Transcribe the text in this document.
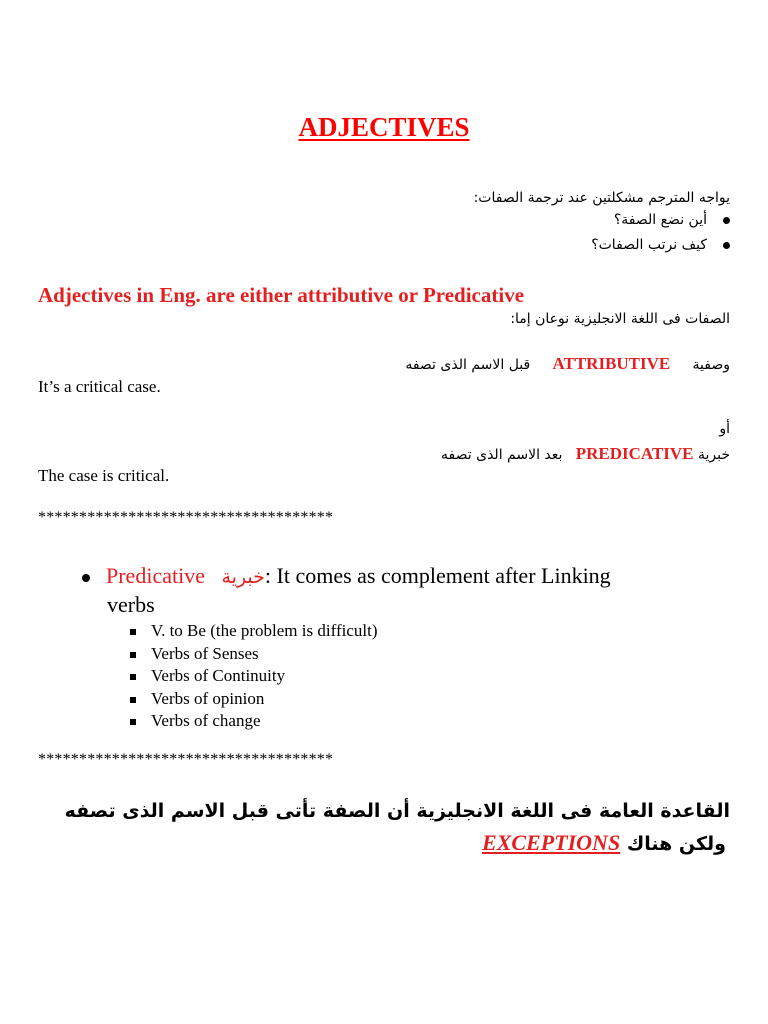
ADJECTIVES
يواجه المترجم مشكلتين عند ترجمة الصفات:
أين نضع الصفة؟
كيف نرتب الصفات؟
Adjectives in Eng. are either attributive or Predicative
الصفات فى اللغة الانجليزية نوعان إما:
وصفية     ATTRIBUTIVE     قبل الاسم الذى تصفه
It’s a critical case.
أو
خبرية PREDICATIVE   بعد الاسم الذى تصفه
The case is critical.
************************************
Predicative خبرية: It comes as complement after Linking
verbs
V. to Be (the problem is difficult)
Verbs of Senses
Verbs of Continuity
Verbs of opinion
Verbs of change
************************************
القاعدة العامة فى اللغة الانجليزية أن الصفة تأتى قبل الاسم الذى تصفه
ولكن هناك EXCEPTIONS
